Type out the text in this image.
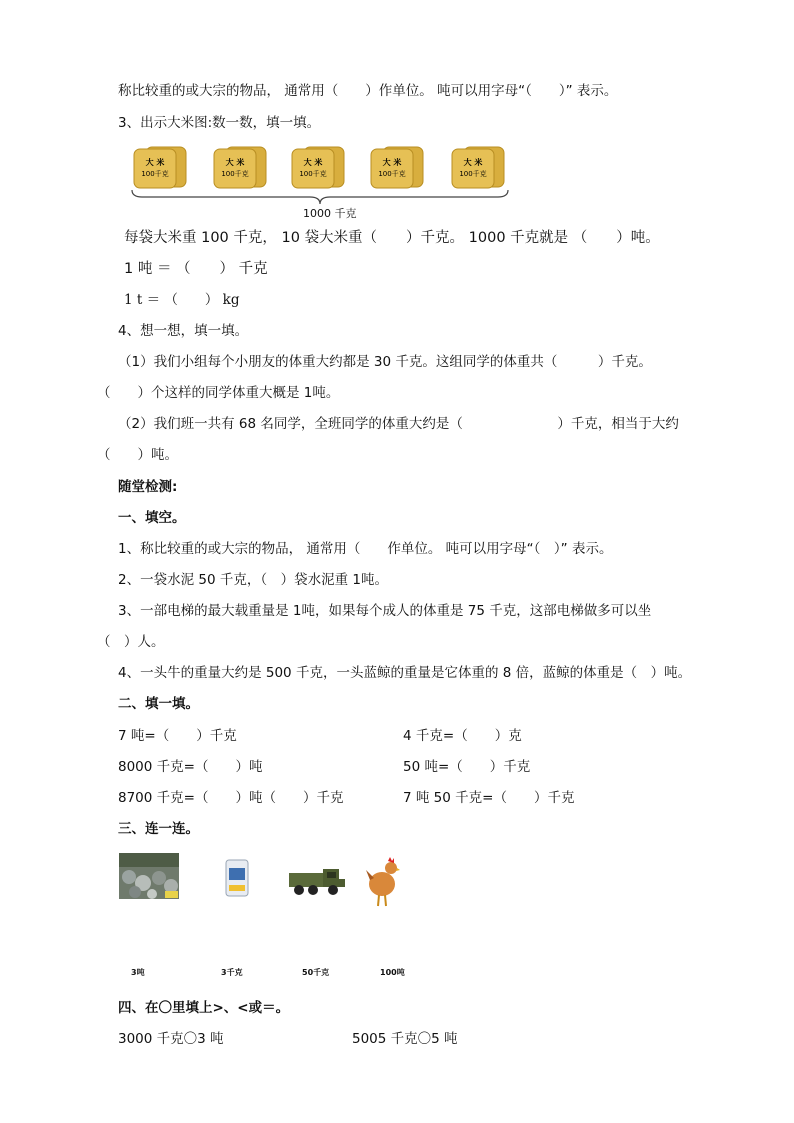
称比较重的或大宗的物品， 通常用（　　）作单位。 吨可以用字母“（　　）” 表示。
3、出示大米图:数一数，填一填。
大 米
100千克
大 米
100千克
大 米
100千克
大 米
100千克
大 米
100千克
1000 千克
每袋大米重 100 千克， 10 袋大米重（　　）千克。 1000 千克就是 （　　）吨。
1 吨 ＝ （　　） 千克
1 t ＝ （　　） kg
4、想一想，填一填。
（1）我们小组每个小朋友的体重大约都是 30 千克。这组同学的体重共（　　　）千克。
（　　）个这样的同学体重大概是 1吨。
（2）我们班一共有 68 名同学，全班同学的体重大约是（　　　　　　　）千克，相当于大约
（　　）吨。
随堂检测:
一、填空。
1、称比较重的或大宗的物品， 通常用（　　作单位。 吨可以用字母“（　）” 表示。
2、一袋水泥 50 千克，（　）袋水泥重 1吨。
3、一部电梯的最大载重量是 1吨，如果每个成人的体重是 75 千克，这部电梯做多可以坐
（　）人。
4、一头牛的重量大约是 500 千克，一头蓝鲸的重量是它体重的 8 倍，蓝鲸的体重是（　）吨。
二、填一填。
7 吨=（　　）千克	4 千克=（　　）克
8000 千克=（　　）吨	50 吨=（　　）千克
8700 千克=（　　）吨（　　）千克	7 吨 50 千克=（　　）千克
三、连一连。
3吨	3千克	50千克	100吨
四、在〇里填上>、<或＝。
3000 千克〇3 吨	5005 千克〇5 吨
